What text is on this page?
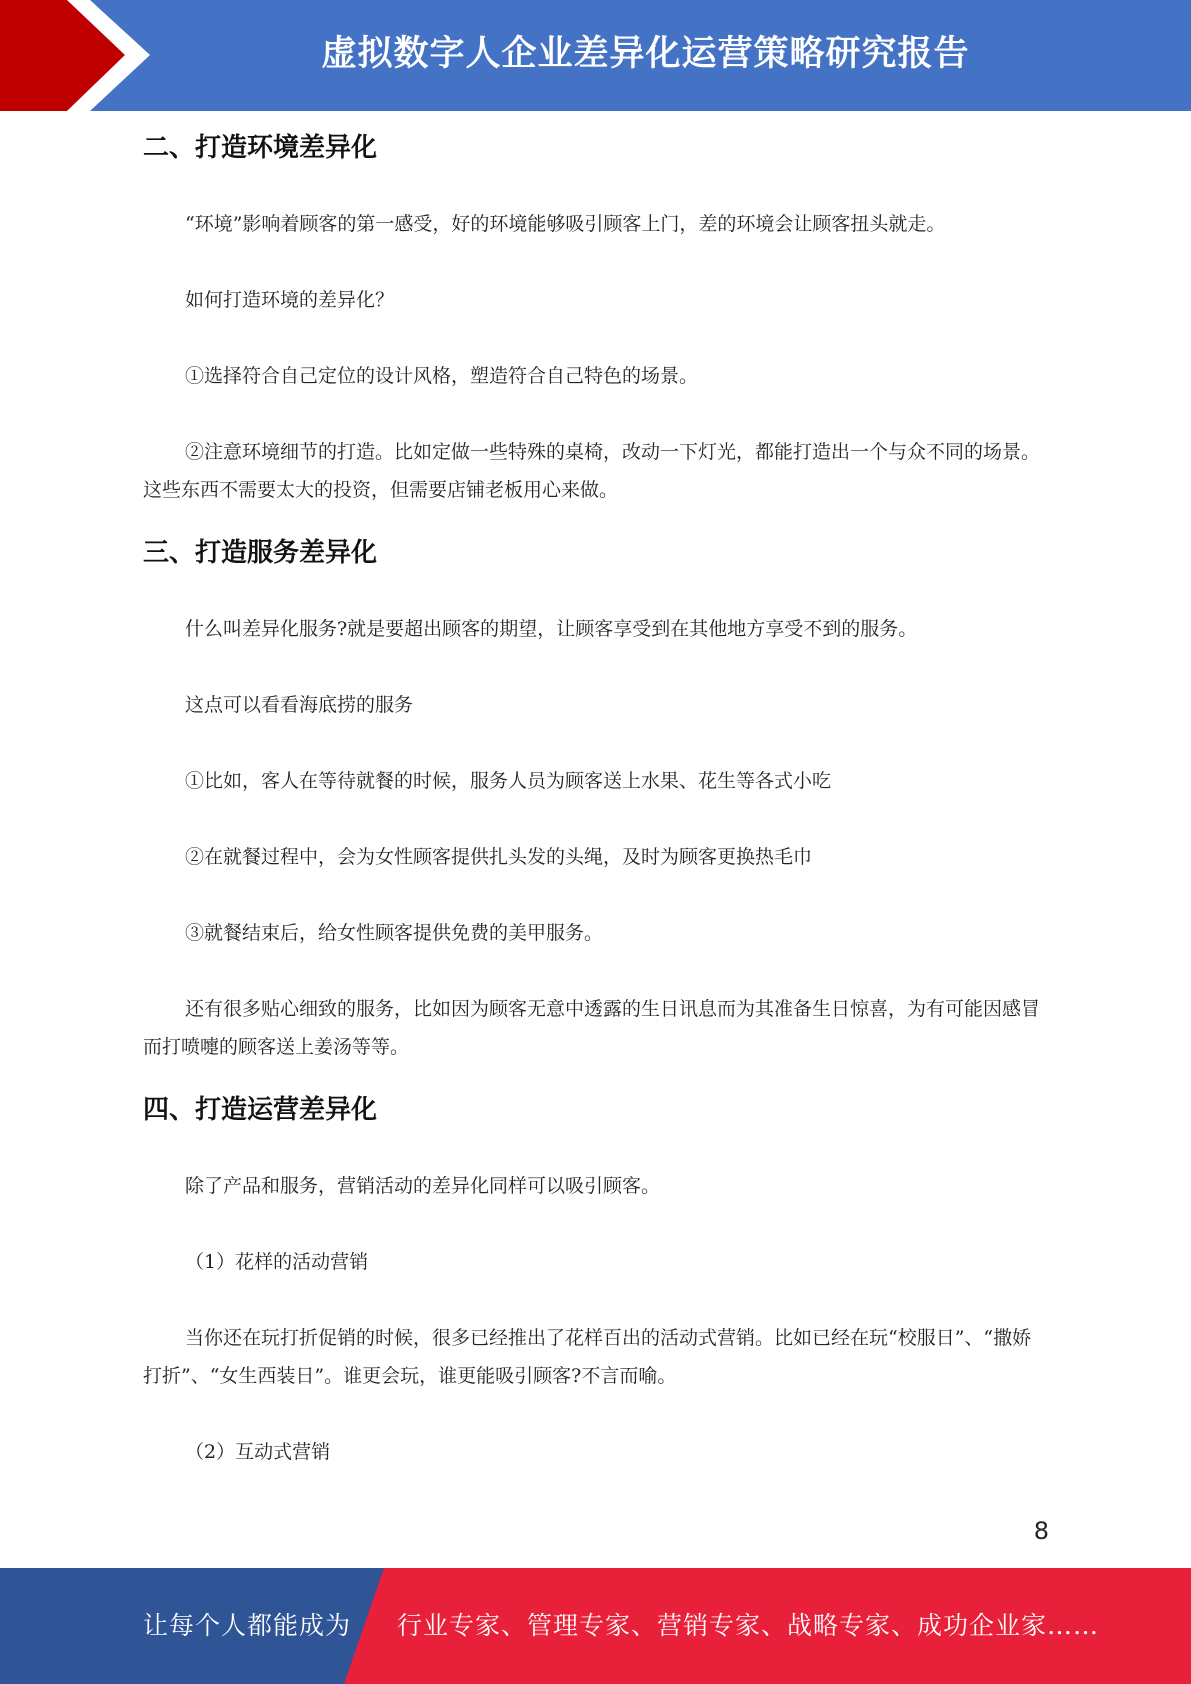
虚拟数字人企业差异化运营策略研究报告
二、打造环境差异化

“环境”影响着顾客的第一感受，好的环境能够吸引顾客上门，差的环境会让顾客扭头就走。

如何打造环境的差异化？

①选择符合自己定位的设计风格，塑造符合自己特色的场景。

②注意环境细节的打造。比如定做一些特殊的桌椅，改动一下灯光，都能打造出一个与众不同的场景。这些东西不需要太大的投资，但需要店铺老板用心来做。

三、打造服务差异化

什么叫差异化服务?就是要超出顾客的期望，让顾客享受到在其他地方享受不到的服务。

这点可以看看海底捞的服务

①比如，客人在等待就餐的时候，服务人员为顾客送上水果、花生等各式小吃

②在就餐过程中，会为女性顾客提供扎头发的头绳，及时为顾客更换热毛巾

③就餐结束后，给女性顾客提供免费的美甲服务。

还有很多贴心细致的服务，比如因为顾客无意中透露的生日讯息而为其准备生日惊喜，为有可能因感冒而打喷嚏的顾客送上姜汤等等。

四、打造运营差异化

除了产品和服务，营销活动的差异化同样可以吸引顾客。

（1）花样的活动营销

当你还在玩打折促销的时候，很多已经推出了花样百出的活动式营销。比如已经在玩“校服日”、“撒娇打折”、“女生西装日”。谁更会玩，谁更能吸引顾客?不言而喻。

（2）互动式营销

8
让每个人都能成为 行业专家、管理专家、营销专家、战略专家、成功企业家……
